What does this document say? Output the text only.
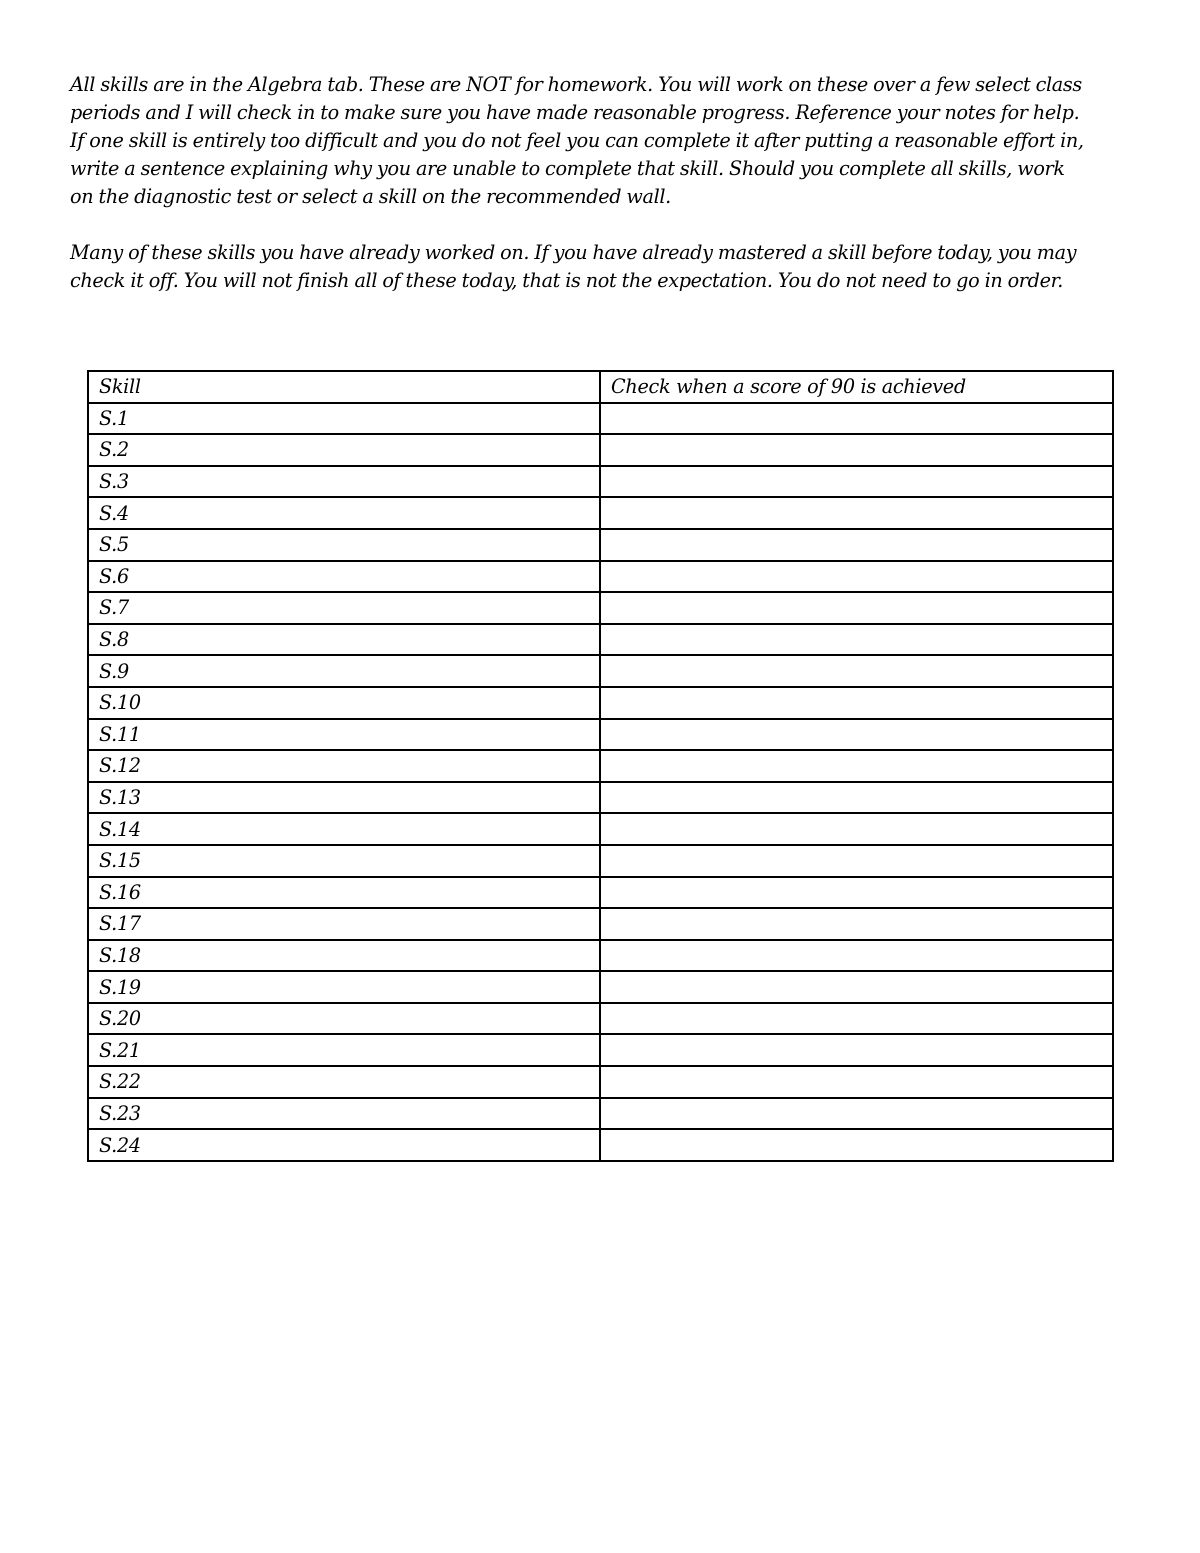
All skills are in the Algebra tab. These are NOT for homework. You will work on these over a few select class
periods and I will check in to make sure you have made reasonable progress. Reference your notes for help.
If one skill is entirely too difficult and you do not feel you can complete it after putting a reasonable effort in,
write a sentence explaining why you are unable to complete that skill. Should you complete all skills, work
on the diagnostic test or select a skill on the recommended wall.
Many of these skills you have already worked on. If you have already mastered a skill before today, you may
check it off. You will not finish all of these today, that is not the expectation. You do not need to go in order.
Skill	Check when a score of 90 is achieved
S.1	
S.2	
S.3	
S.4	
S.5	
S.6	
S.7	
S.8	
S.9	
S.10	
S.11	
S.12	
S.13	
S.14	
S.15	
S.16	
S.17	
S.18	
S.19	
S.20	
S.21	
S.22	
S.23	
S.24	
